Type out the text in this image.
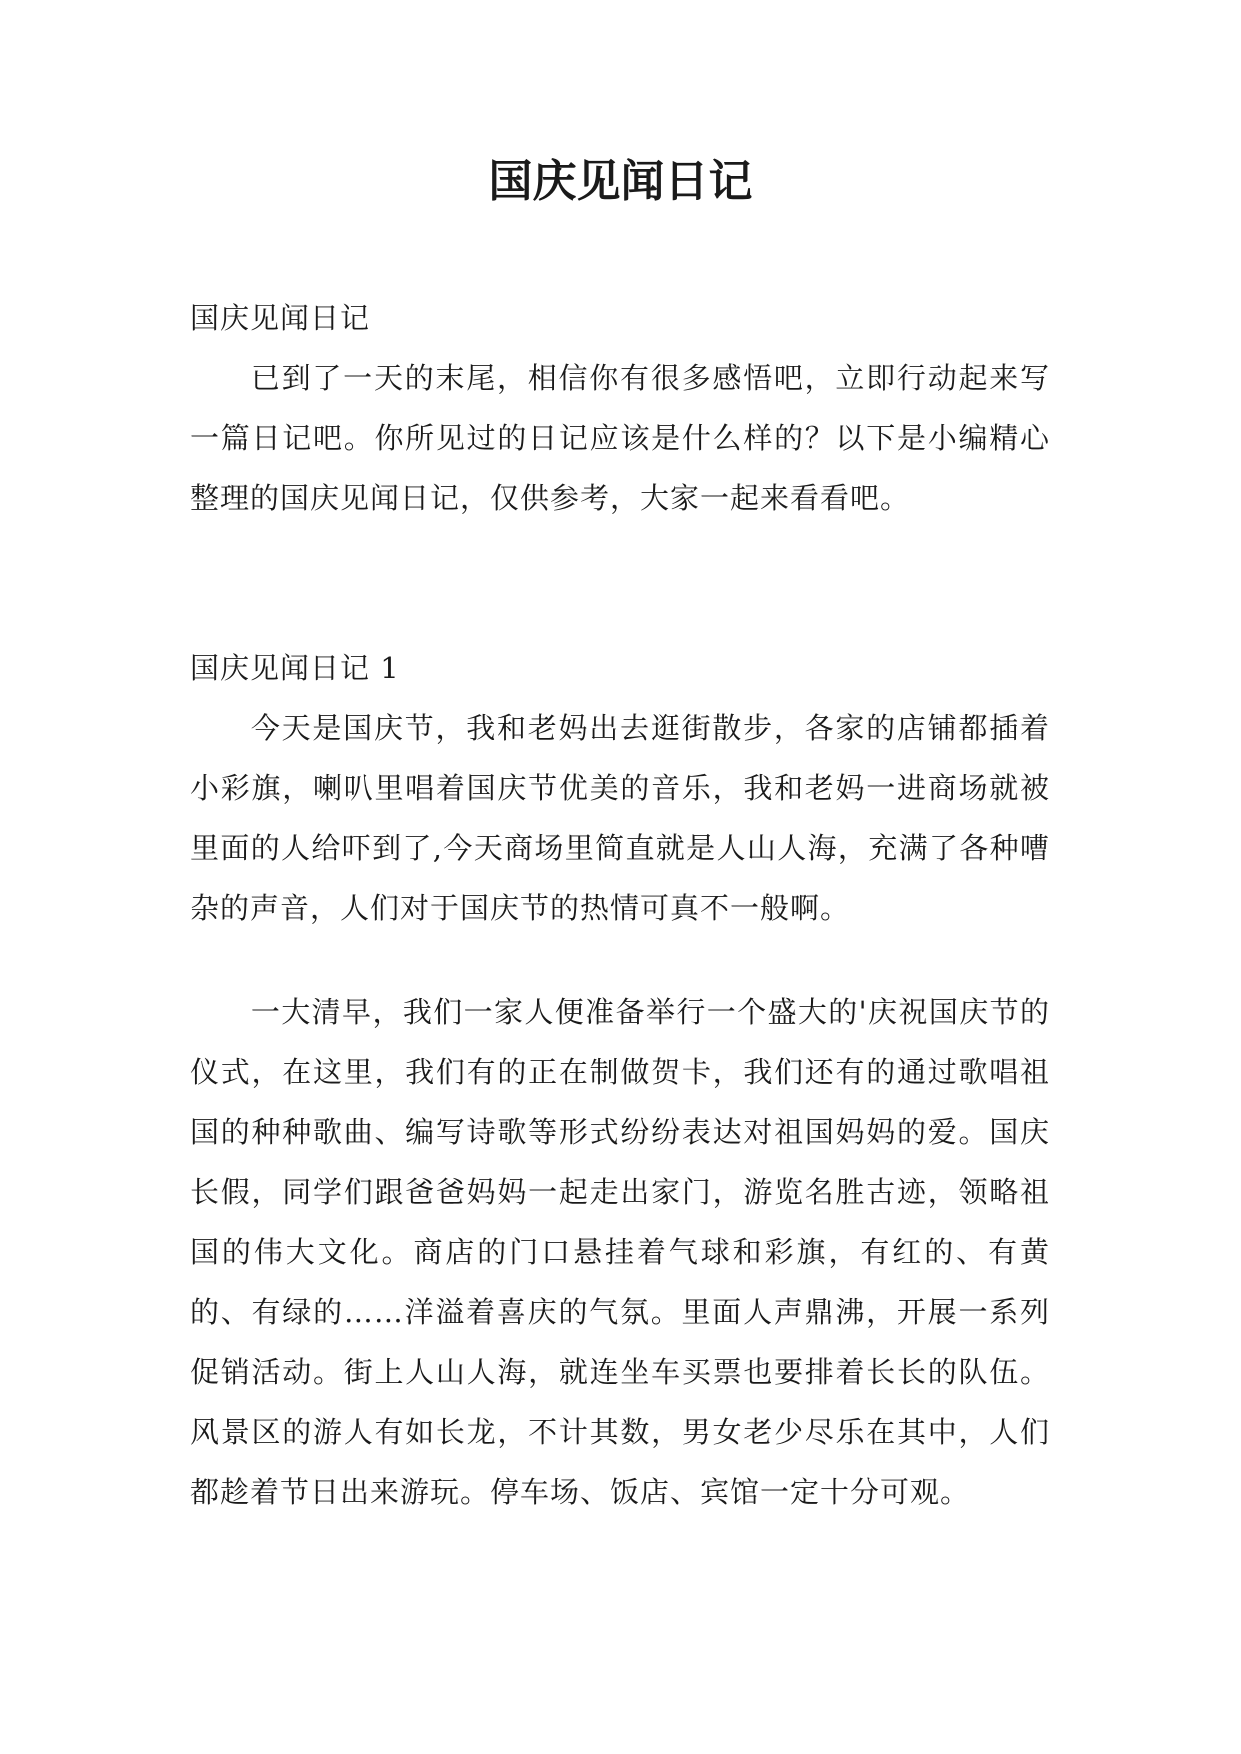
国庆见闻日记

国庆见闻日记

已到了一天的末尾，相信你有很多感悟吧，立即行动起来写一篇日记吧。你所见过的日记应该是什么样的？以下是小编精心整理的国庆见闻日记，仅供参考，大家一起来看看吧。

国庆见闻日记 1

今天是国庆节，我和老妈出去逛街散步，各家的店铺都插着小彩旗，喇叭里唱着国庆节优美的音乐，我和老妈一进商场就被里面的人给吓到了,今天商场里简直就是人山人海，充满了各种嘈杂的声音，人们对于国庆节的热情可真不一般啊。

一大清早，我们一家人便准备举行一个盛大的'庆祝国庆节的仪式，在这里，我们有的正在制做贺卡，我们还有的通过歌唱祖国的种种歌曲、编写诗歌等形式纷纷表达对祖国妈妈的爱。国庆长假，同学们跟爸爸妈妈一起走出家门，游览名胜古迹，领略祖国的伟大文化。商店的门口悬挂着气球和彩旗，有红的、有黄的、有绿的……洋溢着喜庆的气氛。里面人声鼎沸，开展一系列促销活动。街上人山人海，就连坐车买票也要排着长长的队伍。风景区的游人有如长龙，不计其数，男女老少尽乐在其中，人们都趁着节日出来游玩。停车场、饭店、宾馆一定十分可观。
